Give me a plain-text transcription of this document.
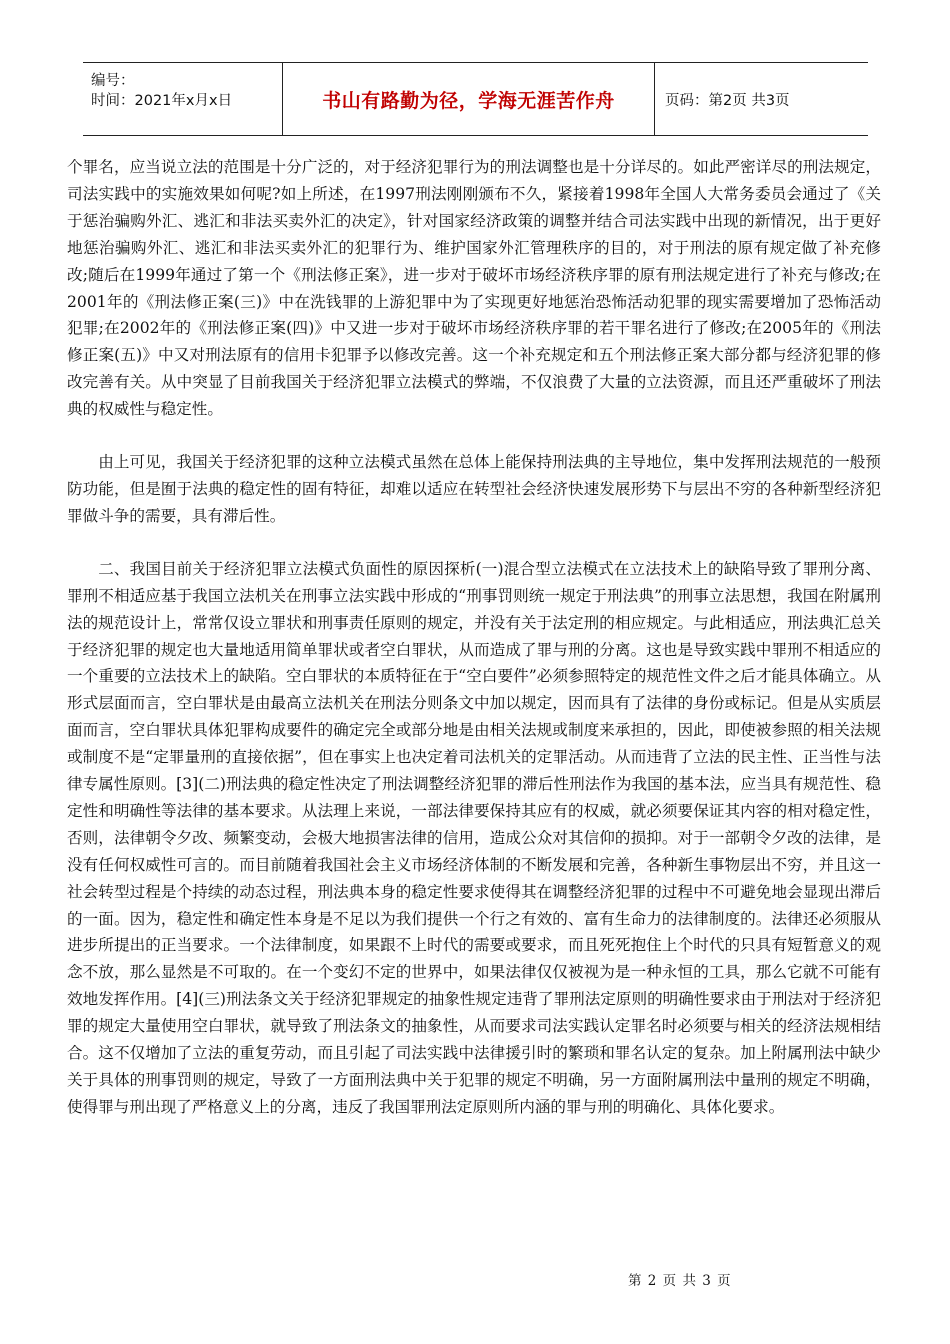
编号：
时间：2021年x月x日	书山有路勤为径，学海无涯苦作舟	页码：第2页 共3页

个罪名，应当说立法的范围是十分广泛的，对于经济犯罪行为的刑法调整也是十分详尽的。如此严密详尽的刑法规定，司法实践中的实施效果如何呢?如上所述，在1997刑法刚刚颁布不久，紧接着1998年全国人大常务委员会通过了《关于惩治骗购外汇、逃汇和非法买卖外汇的决定》，针对国家经济政策的调整并结合司法实践中出现的新情况，出于更好地惩治骗购外汇、逃汇和非法买卖外汇的犯罪行为、维护国家外汇管理秩序的目的，对于刑法的原有规定做了补充修改;随后在1999年通过了第一个《刑法修正案》，进一步对于破坏市场经济秩序罪的原有刑法规定进行了补充与修改;在2001年的《刑法修正案(三)》中在洗钱罪的上游犯罪中为了实现更好地惩治恐怖活动犯罪的现实需要增加了恐怖活动犯罪;在2002年的《刑法修正案(四)》中又进一步对于破坏市场经济秩序罪的若干罪名进行了修改;在2005年的《刑法修正案(五)》中又对刑法原有的信用卡犯罪予以修改完善。这一个补充规定和五个刑法修正案大部分都与经济犯罪的修改完善有关。从中突显了目前我国关于经济犯罪立法模式的弊端，不仅浪费了大量的立法资源，而且还严重破坏了刑法典的权威性与稳定性。

由上可见，我国关于经济犯罪的这种立法模式虽然在总体上能保持刑法典的主导地位，集中发挥刑法规范的一般预防功能，但是囿于法典的稳定性的固有特征，却难以适应在转型社会经济快速发展形势下与层出不穷的各种新型经济犯罪做斗争的需要，具有滞后性。

二、我国目前关于经济犯罪立法模式负面性的原因探析(一)混合型立法模式在立法技术上的缺陷导致了罪刑分离、罪刑不相适应基于我国立法机关在刑事立法实践中形成的“刑事罚则统一规定于刑法典”的刑事立法思想，我国在附属刑法的规范设计上，常常仅设立罪状和刑事责任原则的规定，并没有关于法定刑的相应规定。与此相适应，刑法典汇总关于经济犯罪的规定也大量地适用简单罪状或者空白罪状，从而造成了罪与刑的分离。这也是导致实践中罪刑不相适应的一个重要的立法技术上的缺陷。空白罪状的本质特征在于“空白要件”必须参照特定的规范性文件之后才能具体确立。从形式层面而言，空白罪状是由最高立法机关在刑法分则条文中加以规定，因而具有了法律的身份或标记。但是从实质层面而言，空白罪状具体犯罪构成要件的确定完全或部分地是由相关法规或制度来承担的，因此，即使被参照的相关法规或制度不是“定罪量刑的直接依据”，但在事实上也决定着司法机关的定罪活动。从而违背了立法的民主性、正当性与法律专属性原则。[3](二)刑法典的稳定性决定了刑法调整经济犯罪的滞后性刑法作为我国的基本法，应当具有规范性、稳定性和明确性等法律的基本要求。从法理上来说，一部法律要保持其应有的权威，就必须要保证其内容的相对稳定性，否则，法律朝令夕改、频繁变动，会极大地损害法律的信用，造成公众对其信仰的损抑。对于一部朝令夕改的法律，是没有任何权威性可言的。而目前随着我国社会主义市场经济体制的不断发展和完善，各种新生事物层出不穷，并且这一社会转型过程是个持续的动态过程，刑法典本身的稳定性要求使得其在调整经济犯罪的过程中不可避免地会显现出滞后的一面。因为，稳定性和确定性本身是不足以为我们提供一个行之有效的、富有生命力的法律制度的。法律还必须服从进步所提出的正当要求。一个法律制度，如果跟不上时代的需要或要求，而且死死抱住上个时代的只具有短暂意义的观念不放，那么显然是不可取的。在一个变幻不定的世界中，如果法律仅仅被视为是一种永恒的工具，那么它就不可能有效地发挥作用。[4](三)刑法条文关于经济犯罪规定的抽象性规定违背了罪刑法定原则的明确性要求由于刑法对于经济犯罪的规定大量使用空白罪状，就导致了刑法条文的抽象性，从而要求司法实践认定罪名时必须要与相关的经济法规相结合。这不仅增加了立法的重复劳动，而且引起了司法实践中法律援引时的繁琐和罪名认定的复杂。加上附属刑法中缺少关于具体的刑事罚则的规定，导致了一方面刑法典中关于犯罪的规定不明确，另一方面附属刑法中量刑的规定不明确，使得罪与刑出现了严格意义上的分离，违反了我国罪刑法定原则所内涵的罪与刑的明确化、具体化要求。

第 2 页 共 3 页
